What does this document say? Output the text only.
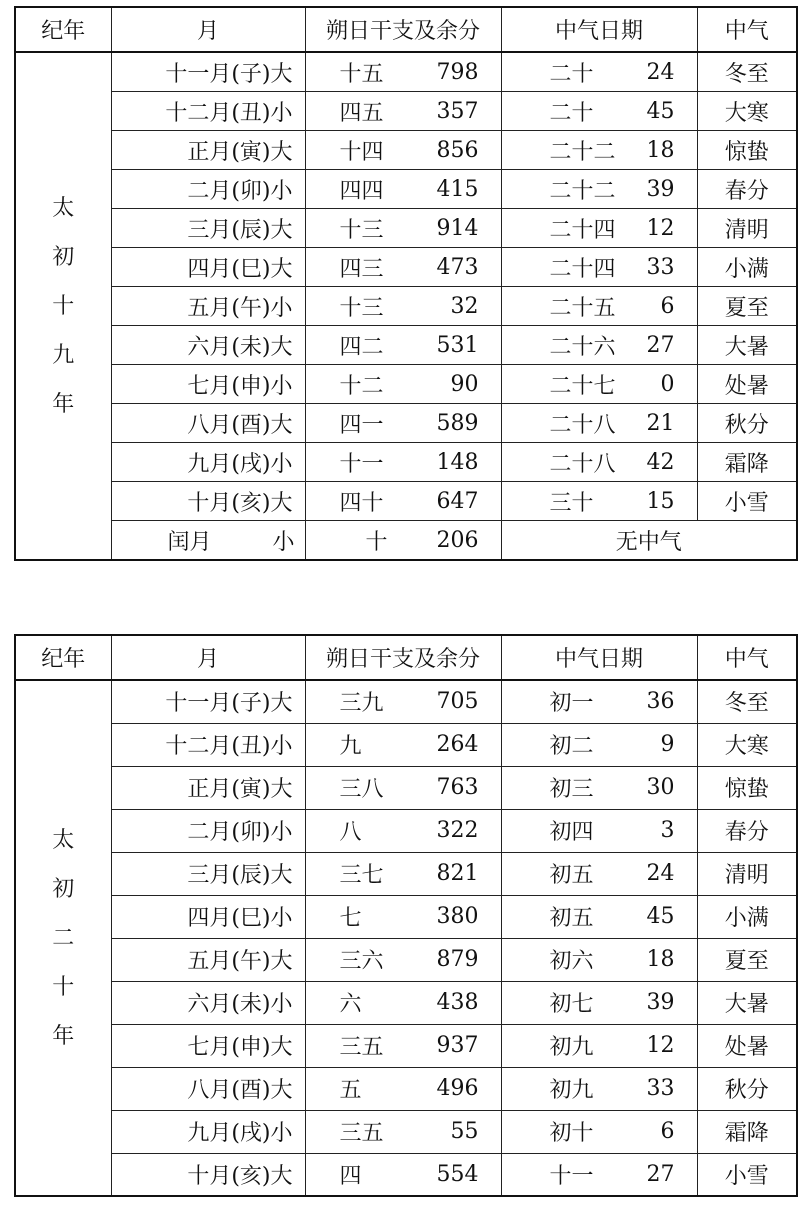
纪年	月	朔日干支及余分	中气日期	中气

太
初
十
九
年	十一月(子)大	十五 798	二十 24	冬至
	十二月(丑)小	四五 357	二十 45	大寒
	正月(寅)大	十四 856	二十二 18	惊蛰
	二月(卯)小	四四 415	二十二 39	春分
	三月(辰)大	十三 914	二十四 12	清明
	四月(巳)大	四三 473	二十四 33	小满
	五月(午)小	十三 32	二十五 6	夏至
	六月(未)大	四二 531	二十六 27	大暑
	七月(申)小	十二 90	二十七 0	处暑
	八月(酉)大	四一 589	二十八 21	秋分
	九月(戌)小	十一 148	二十八 42	霜降
	十月(亥)大	四十 647	三十 15	小雪

	闰月 小	十 206	无中气	
纪年	月	朔日干支及余分	中气日期	中气

太
初
二
十
年	十一月(子)大	三九 705	初一 36	冬至
	十二月(丑)小	九 264	初二 9	大寒
	正月(寅)大	三八 763	初三 30	惊蛰
	二月(卯)小	八 322	初四 3	春分
	三月(辰)大	三七 821	初五 24	清明
	四月(巳)小	七 380	初五 45	小满
	五月(午)大	三六 879	初六 18	夏至
	六月(未)小	六 438	初七 39	大暑
	七月(申)大	三五 937	初九 12	处暑
	八月(酉)大	五 496	初九 33	秋分
	九月(戌)小	三五 55	初十 6	霜降
	十月(亥)大	四 554	十一 27	小雪
